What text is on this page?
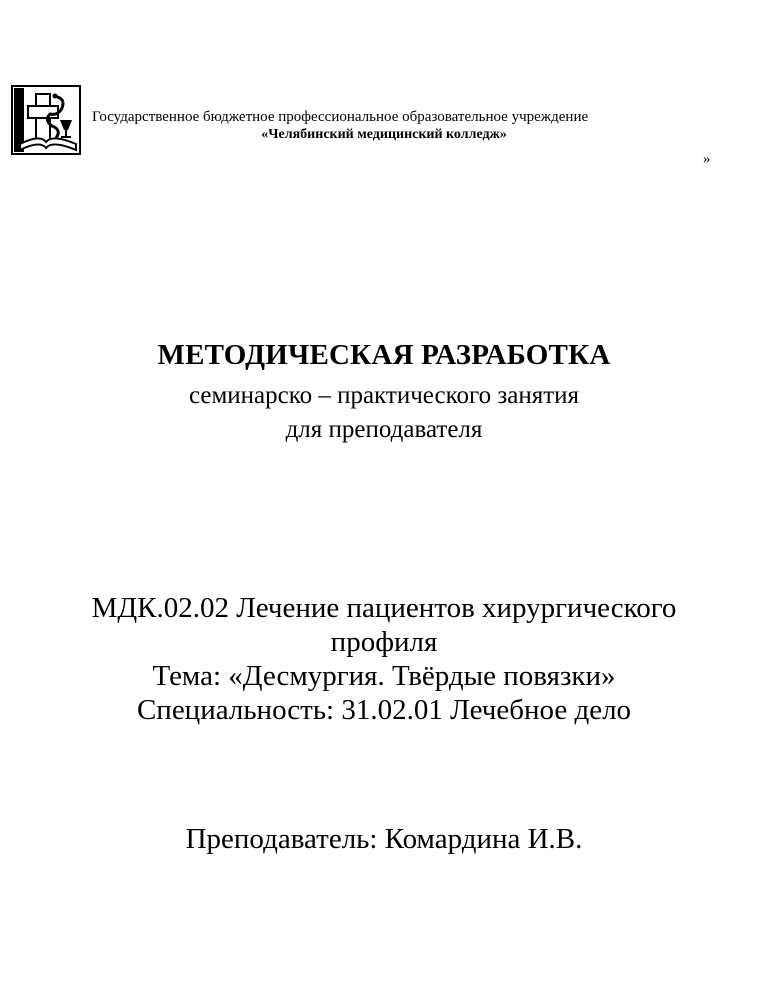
Государственное бюджетное профессиональное образовательное учреждение
«Челябинский медицинский колледж»
»
МЕТОДИЧЕСКАЯ РАЗРАБОТКА
семинарско – практического занятия
для преподавателя
МДК.02.02 Лечение пациентов хирургического
профиля
Тема: «Десмургия. Твёрдые повязки»
Специальность: 31.02.01 Лечебное дело
Преподаватель: Комардина И.В.
